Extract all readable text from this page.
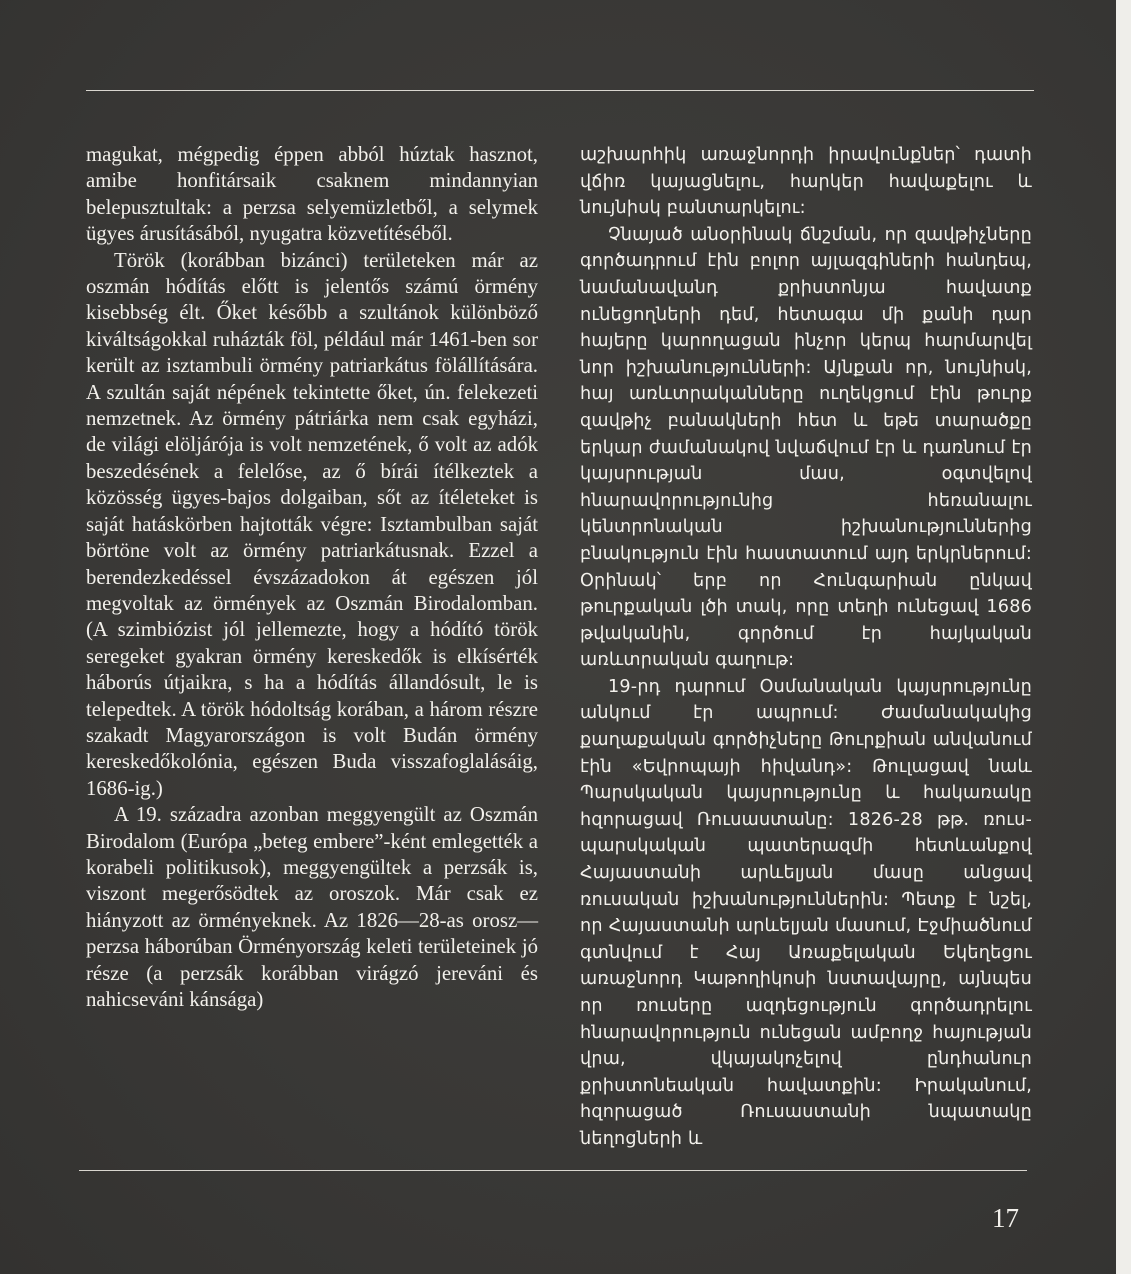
magukat, mégpedig éppen abból húztak hasznot, amibe honfitársaik csaknem mindannyian belepusztultak: a perzsa selyemüzletből, a selymek ügyes árusításából, nyugatra közvetítéséből.

Török (korábban bizánci) területeken már az oszmán hódítás előtt is jelentős számú örmény kisebbség élt. Őket később a szultánok különböző kiváltságokkal ruházták föl, például már 1461-ben sor került az isztambuli örmény patriarkátus fölállítására. A szultán saját népének tekintette őket, ún. felekezeti nemzetnek. Az örmény pátriárka nem csak egyházi, de világi elöljárója is volt nemzetének, ő volt az adók beszedésének a felelőse, az ő bírái ítélkeztek a közösség ügyes-bajos dolgaiban, sőt az ítéleteket is saját hatáskörben hajtották végre: Isztambulban saját börtöne volt az örmény patriarkátusnak. Ezzel a berendezkedéssel évszázadokon át egészen jól megvoltak az örmények az Oszmán Birodalomban. (A szimbiózist jól jellemezte, hogy a hódító török seregeket gyakran örmény kereskedők is elkísérték háborús útjaikra, s ha a hódítás állandósult, le is telepedtek. A török hódoltság korában, a három részre szakadt Magyarországon is volt Budán örmény kereskedőkolónia, egészen Buda visszafoglalásáig, 1686-ig.)

A 19. századra azonban meggyengült az Oszmán Birodalom (Európa „beteg embere”-ként emlegették a korabeli politikusok), meggyengültek a perzsák is, viszont megerősödtek az oroszok. Már csak ez hiányzott az örményeknek. Az 1826—28-as orosz—perzsa háborúban Örményország keleti területeinek jó része (a perzsák korábban virágzó jereváni és nahicseváni kánsága)

աշխարհիկ առաջնորդի իրավունքներ՝ դատի վճիռ կայացնելու, հարկեր հավաքելու և նույնիսկ բանտարկելու:

Չնայած անօրինակ ճնշման, որ զավթիչները գործադրում էին բոլոր այլազգիների հանդեպ, նամանավանդ քրիստոնյա հավատք ունեցողների դեմ, հետագա մի քանի դար հայերը կարողացան ինչոր կերպ հարմարվել նոր իշխանությունների: Այնքան որ, նույնիսկ, հայ առևտրականները ուղեկցում էին թուրք զավթիչ բանակների հետ և եթե տարածքը երկար ժամանակով նվաճվում էր և դառնում էր կայսրության մաս, օգտվելով հնարավորությունից հեռանալու կենտրոնական իշխանություններից բնակություն էին հաստատում այդ երկրներում: Օրինակ՝ երբ որ Հունգարիան ընկավ թուրքական լծի տակ, որը տեղի ունեցավ 1686 թվականին, գործում էր հայկական առևտրական գաղութ:

19-րդ դարում Օսմանական կայսրությունը անկում էր ապրում: Ժամանակակից քաղաքական գործիչները Թուրքիան անվանում էին «Եվրոպայի հիվանդ»: Թուլացավ նաև Պարսկական կայսրությունը և հակառակը հզորացավ Ռուսաստանը: 1826-28 թթ. ռուս-պարսկական պատերազմի հետևանքով Հայաստանի արևելյան մասը անցավ ռուսական իշխանություններին: Պետք է նշել, որ Հայաստանի արևելյան մասում, Էջմիածնում գտնվում է Հայ Առաքելական Եկեղեցու առաջնորդ Կաթողիկոսի նստավայրը, այնպես որ ռուսերը ազդեցություն գործադրելու հնարավորություն ունեցան ամբողջ հայության վրա, վկայակոչելով ընդհանուր քրիստոնեական հավատքին: Իրականում, հզորացած Ռուսաստանի նպատակը նեղոցների և

17
